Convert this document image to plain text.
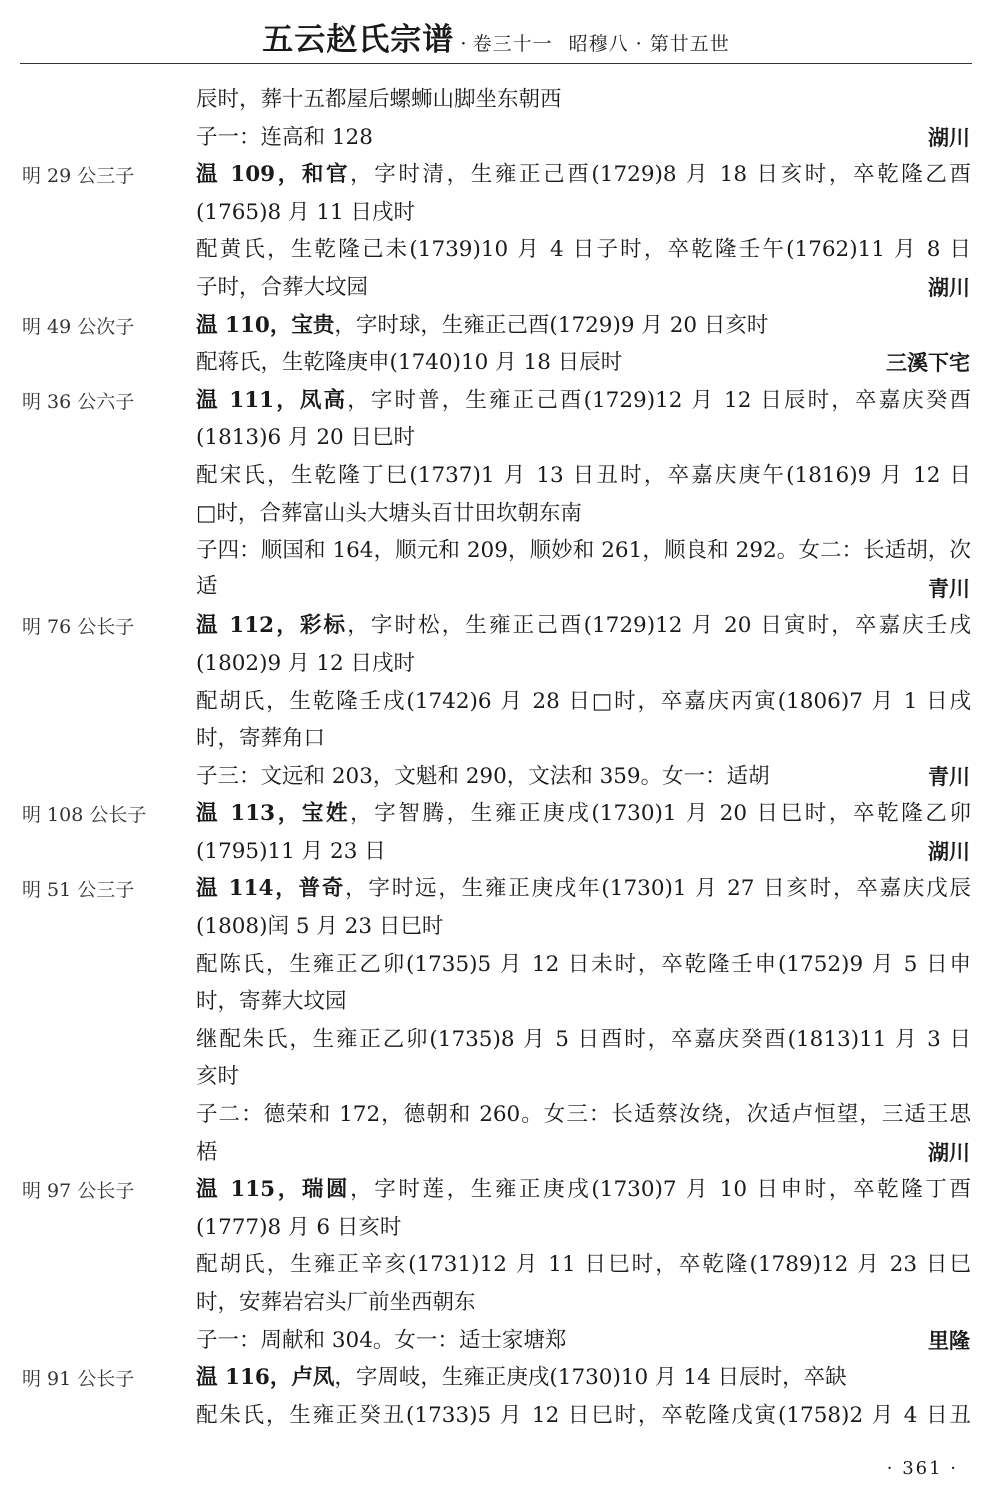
五云赵氏宗谱 · 卷三十一 昭穆八 · 第廿五世
辰时，葬十五都屋后螺蛳山脚坐东朝西
子一：连高和 128	湖川
明 29 公三子	温 109，和官，字时清，生雍正己酉(1729)8 月 18 日亥时，卒乾隆乙酉
(1765)8 月 11 日戌时
配黄氏，生乾隆己未(1739)10 月 4 日子时，卒乾隆壬午(1762)11 月 8 日
子时，合葬大坟园	湖川
明 49 公次子	温 110，宝贵，字时球，生雍正己酉(1729)9 月 20 日亥时
配蒋氏，生乾隆庚申(1740)10 月 18 日辰时	三溪下宅
明 36 公六子	温 111，凤高，字时普，生雍正己酉(1729)12 月 12 日辰时，卒嘉庆癸酉
(1813)6 月 20 日巳时
配宋氏，生乾隆丁巳(1737)1 月 13 日丑时，卒嘉庆庚午(1816)9 月 12 日
□时，合葬富山头大塘头百廿田坎朝东南
子四：顺国和 164，顺元和 209，顺妙和 261，顺良和 292。女二：长适胡，次适	青川
明 76 公长子	温 112，彩标，字时松，生雍正己酉(1729)12 月 20 日寅时，卒嘉庆壬戌
(1802)9 月 12 日戌时
配胡氏，生乾隆壬戌(1742)6 月 28 日□时，卒嘉庆丙寅(1806)7 月 1 日戌
时，寄葬角口
子三：文远和 203，文魁和 290，文法和 359。女一：适胡	青川
明 108 公长子 温 113，宝姓，字智腾，生雍正庚戌(1730)1 月 20 日巳时，卒乾隆乙卯
(1795)11 月 23 日	湖川
明 51 公三子	温 114，普奇，字时远，生雍正庚戌年(1730)1 月 27 日亥时，卒嘉庆戊辰
(1808)闰 5 月 23 日巳时
配陈氏，生雍正乙卯(1735)5 月 12 日未时，卒乾隆壬申(1752)9 月 5 日申
时，寄葬大坟园
继配朱氏，生雍正乙卯(1735)8 月 5 日酉时，卒嘉庆癸酉(1813)11 月 3 日
亥时
子二：德荣和 172，德朝和 260。女三：长适蔡汝绕，次适卢恒望，三适王思
梧	湖川
明 97 公长子	温 115，瑞圆，字时莲，生雍正庚戌(1730)7 月 10 日申时，卒乾隆丁酉
(1777)8 月 6 日亥时
配胡氏，生雍正辛亥(1731)12 月 11 日巳时，卒乾隆(1789)12 月 23 日巳
时，安葬岩宕头厂前坐西朝东
子一：周献和 304。女一：适士家塘郑	里隆
明 91 公长子	温 116，卢凤，字周岐，生雍正庚戌(1730)10 月 14 日辰时，卒缺
配朱氏，生雍正癸丑(1733)5 月 12 日巳时，卒乾隆戊寅(1758)2 月 4 日丑
· 361 ·
